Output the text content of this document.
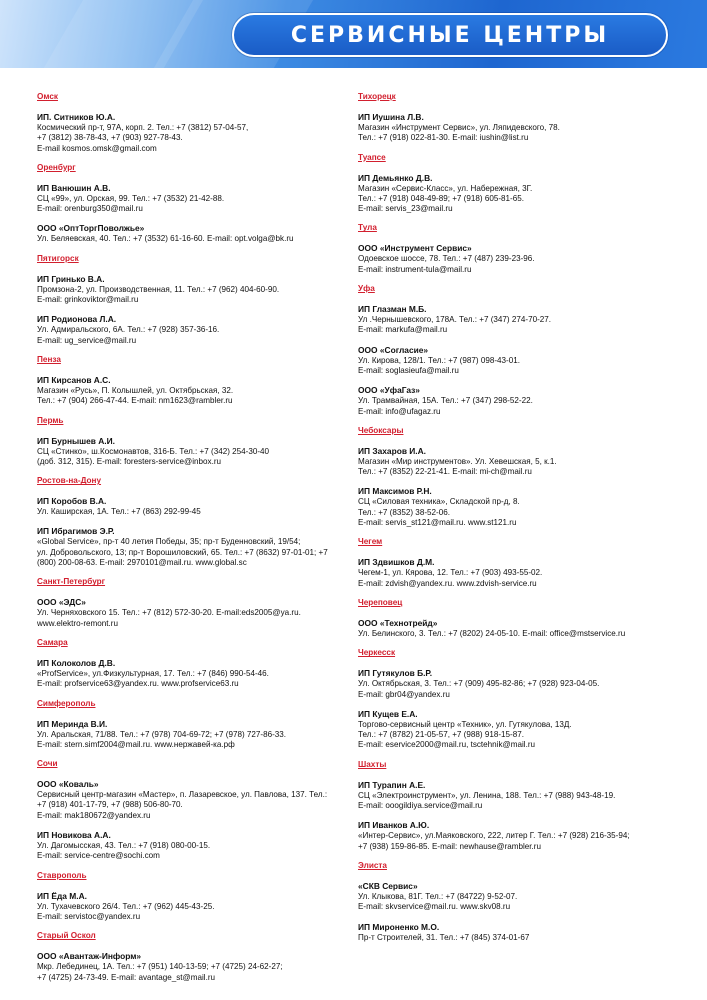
СЕРВИСНЫЕ ЦЕНТРЫ
Омск
ИП. Ситников Ю.А.
Космический пр-т, 97А, корп. 2. Тел.: +7 (3812) 57-04-57,
+7 (3812) 38-78-43, +7 (903) 927-78-43.
E-mail kosmos.omsk@gmail.com
Оренбург
ИП Ванюшин А.В.
СЦ «99», ул. Орская, 99. Тел.: +7 (3532) 21-42-88.
E-mail: orenburg350@mail.ru
ООО «ОптТоргПоволжье»
Ул. Беляевская, 40. Тел.: +7 (3532) 61-16-60. E-mail: opt.volga@bk.ru
Пятигорск
ИП Гринько В.А.
Промзона-2, ул. Производственная, 11. Тел.: +7 (962) 404-60-90.
E-mail: grinkoviktor@mail.ru
ИП Родионова Л.А.
Ул. Адмиральского, 6А. Тел.: +7 (928) 357-36-16.
E-mail: ug_service@mail.ru
Пенза
ИП Кирсанов А.С.
Магазин «Русь», П. Колышлей, ул. Октябрьская, 32.
Тел.: +7 (904) 266-47-44. E-mail: nm1623@rambler.ru
Пермь
ИП Бурнышев А.И.
СЦ «Стинко», ш.Космонавтов, 316-Б. Тел.: +7 (342) 254-30-40
(доб. 312, 315). E-mail: foresters-service@inbox.ru
Ростов-на-Дону
ИП Коробов В.А.
Ул. Каширская, 1А. Тел.: +7 (863) 292-99-45
ИП Ибрагимов Э.Р.
«Global Service», пр-т 40 летия Победы, 35; пр-т Буденновский, 19/54;
ул. Добровольского, 13; пр-т Ворошиловский, 65. Тел.: +7 (8632) 97-01-01; +7
(800) 200-08-63. E-mail: 2970101@mail.ru. www.global.sc
Санкт-Петербург
ООО «ЭДС»
Ул. Черняховского 15. Тел.: +7 (812) 572-30-20. E-mail:eds2005@ya.ru.
www.elektro-remont.ru
Самара
ИП Колоколов Д.В.
«ProfService», ул.Физкультурная, 17. Тел.: +7 (846) 990-54-46.
E-mail: profservice63@yandex.ru. www.profservice63.ru
Симферополь
ИП Меринда В.И.
Ул. Аральская, 71/88. Тел.: +7 (978) 704-69-72; +7 (978) 727-86-33.
E-mail: stern.simf2004@mail.ru. www.нержавей-ка.рф
Сочи
ООО «Коваль»
Сервисный центр-магазин «Мастер», п. Лазаревское, ул. Павлова, 137. Тел.:
+7 (918) 401-17-79, +7 (988) 506-80-70.
E-mail: mak180672@yandex.ru
ИП Новикова А.А.
Ул. Дагомысская, 43. Тел.: +7 (918) 080-00-15.
E-mail: service-centre@sochi.com
Ставрополь
ИП Ёда М.А.
Ул. Тухачевского 26/4. Тел.: +7 (962) 445-43-25.
E-mail: servistoc@yandex.ru
Старый Оскол
ООО «Авантаж-Информ»
Мкр. Лебединец, 1А. Тел.: +7 (951) 140-13-59; +7 (4725) 24-62-27;
+7 (4725) 24-73-49. E-mail: avantage_st@mail.ru
Тихорецк
ИП Иушина Л.В.
Магазин «Инструмент Сервис», ул. Ляпидевского, 78.
Тел.: +7 (918) 022-81-30. E-mail: iushin@list.ru
Туапсе
ИП Демьянко Д.В.
Магазин «Сервис-Класс», ул. Набережная, 3Г.
Тел.: +7 (918) 048-49-89; +7 (918) 605-81-65.
E-mail: servis_23@mail.ru
Тула
ООО «Инструмент Сервис»
Одоевское шоссе, 78. Тел.: +7 (487) 239-23-96.
E-mail: instrument-tula@mail.ru
Уфа
ИП Глазман М.Б.
Ул .Чернышевского, 178А. Тел.: +7 (347) 274-70-27.
E-mail: markufa@mail.ru
ООО «Согласие»
Ул. Кирова, 128/1. Тел.: +7 (987) 098-43-01.
E-mail: soglasieufa@mail.ru
ООО «УфаГаз»
Ул. Трамвайная, 15А. Тел.: +7 (347) 298-52-22.
E-mail: info@ufagaz.ru
Чебоксары
ИП Захаров И.А.
Магазин «Мир инструментов». Ул. Хевешская, 5, к.1.
Тел.: +7 (8352) 22-21-41. E-mail: mi-ch@mail.ru
ИП Максимов Р.Н.
СЦ «Силовая техника», Складской пр-д, 8.
Тел.: +7 (8352) 38-52-06.
E-mail: servis_st121@mail.ru. www.st121.ru
Чегем
ИП Здвишков Д.М.
Чегем-1, ул. Кярова, 12. Тел.: +7 (903) 493-55-02.
E-mail: zdvish@yandex.ru. www.zdvish-service.ru
Череповец
ООО «Технотрейд»
Ул. Белинского, 3. Тел.: +7 (8202) 24-05-10. E-mail: office@mstservice.ru
Черкесск
ИП Гутякулов Б.Р.
Ул. Октябрьская, 3. Тел.: +7 (909) 495-82-86; +7 (928) 923-04-05.
E-mail: gbr04@yandex.ru
ИП Кущев Е.А.
Торгово-сервисный центр «Техник», ул. Гутякулова, 13Д.
Тел.: +7 (8782) 21-05-57, +7 (988) 918-15-87.
E-mail: eservice2000@mail.ru, tsctehnik@mail.ru
Шахты
ИП Турапин А.Е.
СЦ «Электроинструмент», ул. Ленина, 188. Тел.: +7 (988) 943-48-19.
E-mail: ooogildiya.service@mail.ru
ИП Иванков А.Ю.
«Интер-Сервис», ул.Маяковского, 222, литер Г. Тел.: +7 (928) 216-35-94;
+7 (938) 159-86-85. E-mail: newhause@rambler.ru
Элиста
«СКВ Сервис»
Ул. Клыкова, 81Г. Тел.: +7 (84722) 9-52-07.
E-mail: skvservice@mail.ru. www.skv08.ru
ИП Мироненко М.О.
Пр-т Строителей, 31. Тел.: +7 (845) 374-01-67
